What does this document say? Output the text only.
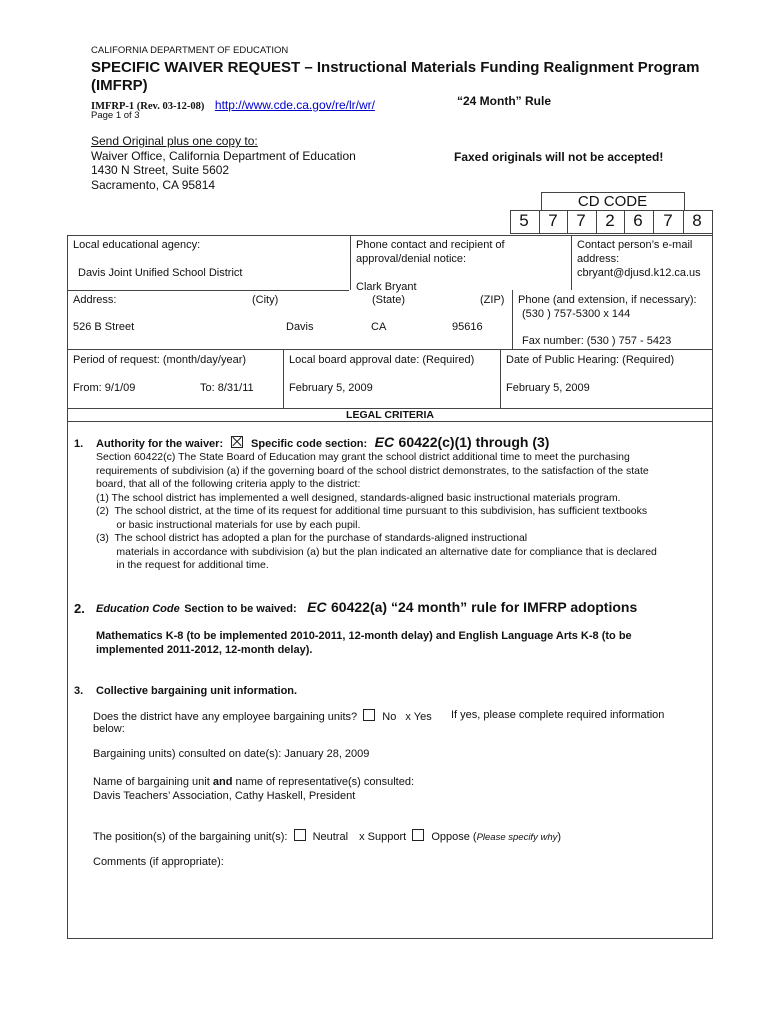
CALIFORNIA DEPARTMENT OF EDUCATION
SPECIFIC WAIVER REQUEST – Instructional Materials Funding Realignment Program
(IMFRP)
IMFRP-1 (Rev. 03-12-08) http://www.cde.ca.gov/re/lr/wr/	“24 Month” Rule
Page 1 of 3
Send Original plus one copy to:
Waiver Office, California Department of Education
1430 N Street, Suite 5602
Sacramento, CA 95814
Faxed originals will not be accepted!
CD CODE
5	7	7	2	6	7	8
Local educational agency:
Davis Joint Unified School District
Phone contact and recipient of
approval/denial notice:
Clark Bryant
Contact person’s e-mail
address:
cbryant@djusd.k12.ca.us
Address:	(City)	(State)	(ZIP)
526 B Street	Davis	CA	95616
Phone (and extension, if necessary):
(530 ) 757-5300 x 144
Fax number: (530 ) 757 - 5423
Period of request: (month/day/year)
From: 9/1/09	To: 8/31/11
Local board approval date: (Required)
February 5, 2009
Date of Public Hearing: (Required)
February 5, 2009
LEGAL CRITERIA
1. Authority for the waiver:	Specific code section: EC 60422(c)(1) through (3)
Section 60422(c) The State Board of Education may grant the school district additional time to meet the purchasing
requirements of subdivision (a) if the governing board of the school district demonstrates, to the satisfaction of the state
board, that all of the following criteria apply to the district:
(1) The school district has implemented a well designed, standards-aligned basic instructional materials program.
(2)  The school district, at the time of its request for additional time pursuant to this subdivision, has sufficient textbooks
or basic instructional materials for use by each pupil.
(3)  The school district has adopted a plan for the purchase of standards-aligned instructional
materials in accordance with subdivision (a) but the plan indicated an alternative date for compliance that is declared
in the request for additional time.
2. Education Code Section to be waived: EC 60422(a) “24 month” rule for IMFRP adoptions
Mathematics K-8 (to be implemented 2010-2011, 12-month delay) and English Language Arts K-8 (to be
implemented 2011-2012, 12-month delay).
3. Collective bargaining unit information.
Does the district have any employee bargaining units? No x Yes If yes, please complete required information
below:
Bargaining units) consulted on date(s): January 28, 2009
Name of bargaining unit and name of representative(s) consulted:
Davis Teachers’ Association, Cathy Haskell, President
The position(s) of the bargaining unit(s): Neutral x Support Oppose (Please specify why)
Comments (if appropriate):
